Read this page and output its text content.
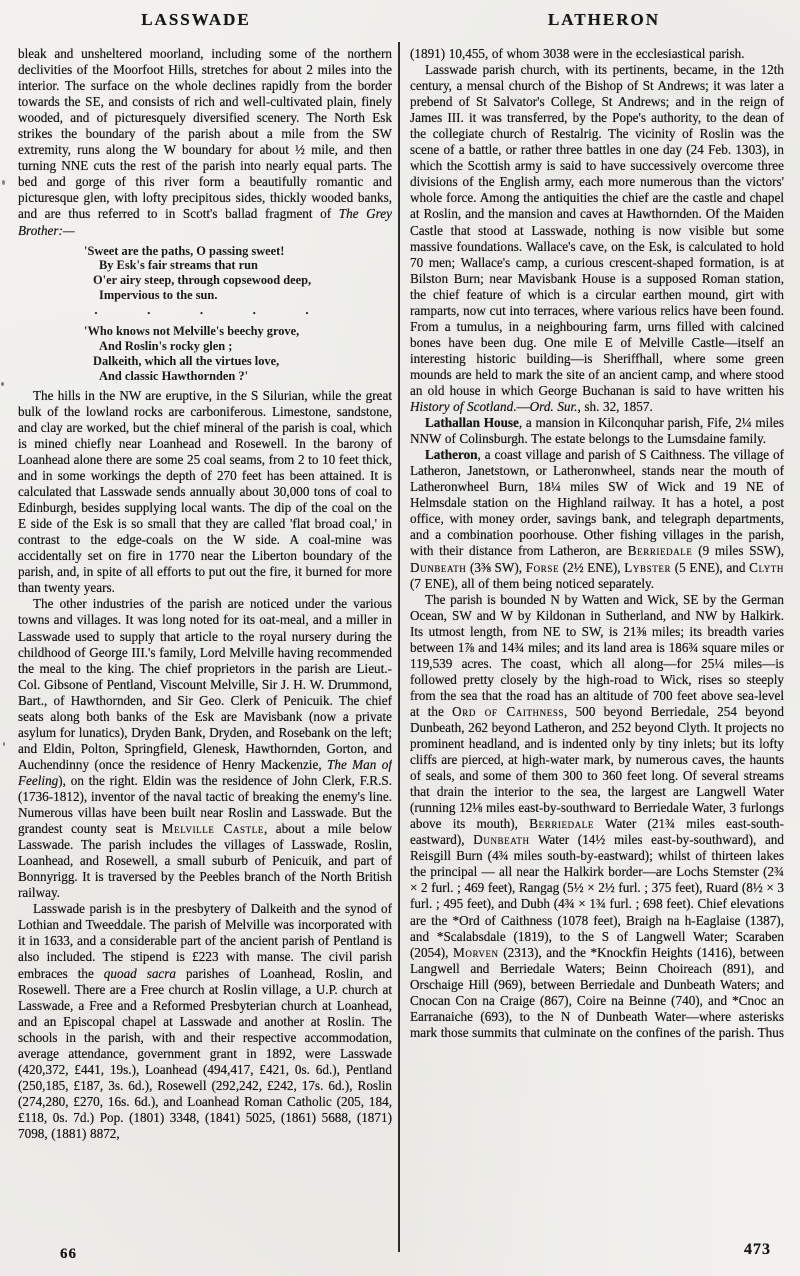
LASSWADE	LATHERON

bleak and unsheltered moorland, including some of the northern declivities of the Moorfoot Hills, stretches for about 2 miles into the interior. The surface on the whole declines rapidly from the border towards the SE, and consists of rich and well-cultivated plain, finely wooded, and of picturesquely diversified scenery. The North Esk strikes the boundary of the parish about a mile from the SW extremity, runs along the W boundary for about ½ mile, and then turning NNE cuts the rest of the parish into nearly equal parts. The bed and gorge of this river form a beautifully romantic and picturesque glen, with lofty precipitous sides, thickly wooded banks, and are thus referred to in Scott's ballad fragment of The Grey Brother:—

'Sweet are the paths, O passing sweet!
By Esk's fair streams that run
O'er airy steep, through copsewood deep,
Impervious to the sun.
·	·	·	·	·
'Who knows not Melville's beechy grove,
And Roslin's rocky glen ;
Dalkeith, which all the virtues love,
And classic Hawthornden ?'

The hills in the NW are eruptive, in the S Silurian, while the great bulk of the lowland rocks are carboniferous. Limestone, sandstone, and clay are worked, but the chief mineral of the parish is coal, which is mined chiefly near Loanhead and Rosewell. In the barony of Loanhead alone there are some 25 coal seams, from 2 to 10 feet thick, and in some workings the depth of 270 feet has been attained. It is calculated that Lasswade sends annually about 30,000 tons of coal to Edinburgh, besides supplying local wants. The dip of the coal on the E side of the Esk is so small that they are called 'flat broad coal,' in contrast to the edge-coals on the W side. A coal-mine was accidentally set on fire in 1770 near the Liberton boundary of the parish, and, in spite of all efforts to put out the fire, it burned for more than twenty years.

The other industries of the parish are noticed under the various towns and villages. It was long noted for its oat-meal, and a miller in Lasswade used to supply that article to the royal nursery during the childhood of George III.'s family, Lord Melville having recommended the meal to the king. The chief proprietors in the parish are Lieut.-Col. Gibsone of Pentland, Viscount Melville, Sir J. H. W. Drummond, Bart., of Hawthornden, and Sir Geo. Clerk of Penicuik. The chief seats along both banks of the Esk are Mavisbank (now a private asylum for lunatics), Dryden Bank, Dryden, and Rosebank on the left; and Eldin, Polton, Springfield, Glenesk, Hawthornden, Gorton, and Auchendinny (once the residence of Henry Mackenzie, The Man of Feeling), on the right. Eldin was the residence of John Clerk, F.R.S. (1736-1812), inventor of the naval tactic of breaking the enemy's line. Numerous villas have been built near Roslin and Lasswade. But the grandest county seat is Melville Castle, about a mile below Lasswade. The parish includes the villages of Lasswade, Roslin, Loanhead, and Rosewell, a small suburb of Penicuik, and part of Bonnyrigg. It is traversed by the Peebles branch of the North British railway.

Lasswade parish is in the presbytery of Dalkeith and the synod of Lothian and Tweeddale. The parish of Melville was incorporated with it in 1633, and a considerable part of the ancient parish of Pentland is also included. The stipend is £223 with manse. The civil parish embraces the quoad sacra parishes of Loanhead, Roslin, and Rosewell. There are a Free church at Roslin village, a U.P. church at Lasswade, a Free and a Reformed Presbyterian church at Loanhead, and an Episcopal chapel at Lasswade and another at Roslin. The schools in the parish, with and their respective accommodation, average attendance, government grant in 1892, were Lasswade (420,372, £441, 19s.), Loanhead (494,417, £421, 0s. 6d.), Pentland (250,185, £187, 3s. 6d.), Rosewell (292,242, £242, 17s. 6d.), Roslin (274,280, £270, 16s. 6d.), and Loanhead Roman Catholic (205, 184, £118, 0s. 7d.) Pop. (1801) 3348, (1841) 5025, (1861) 5688, (1871) 7098, (1881) 8872,

(1891) 10,455, of whom 3038 were in the ecclesiastical parish.

Lasswade parish church, with its pertinents, became, in the 12th century, a mensal church of the Bishop of St Andrews; it was later a prebend of St Salvator's College, St Andrews; and in the reign of James III. it was transferred, by the Pope's authority, to the dean of the collegiate church of Restalrig. The vicinity of Roslin was the scene of a battle, or rather three battles in one day (24 Feb. 1303), in which the Scottish army is said to have successively overcome three divisions of the English army, each more numerous than the victors' whole force. Among the antiquities the chief are the castle and chapel at Roslin, and the mansion and caves at Hawthornden. Of the Maiden Castle that stood at Lasswade, nothing is now visible but some massive foundations. Wallace's cave, on the Esk, is calculated to hold 70 men; Wallace's camp, a curious crescent-shaped formation, is at Bilston Burn; near Mavisbank House is a supposed Roman station, the chief feature of which is a circular earthen mound, girt with ramparts, now cut into terraces, where various relics have been found. From a tumulus, in a neighbouring farm, urns filled with calcined bones have been dug. One mile E of Melville Castle—itself an interesting historic building—is Sheriffhall, where some green mounds are held to mark the site of an ancient camp, and where stood an old house in which George Buchanan is said to have written his History of Scotland.—Ord. Sur., sh. 32, 1857.

Lathallan House, a mansion in Kilconquhar parish, Fife, 2¼ miles NNW of Colinsburgh. The estate belongs to the Lumsdaine family.

Latheron, a coast village and parish of S Caithness. The village of Latheron, Janetstown, or Latheronwheel, stands near the mouth of Latheronwheel Burn, 18¼ miles SW of Wick and 19 NE of Helmsdale station on the Highland railway. It has a hotel, a post office, with money order, savings bank, and telegraph departments, and a combination poorhouse. Other fishing villages in the parish, with their distance from Latheron, are Berriedale (9 miles SSW), Dunbeath (3⅜ SW), Forse (2½ ENE), Lybster (5 ENE), and Clyth (7 ENE), all of them being noticed separately.

The parish is bounded N by Watten and Wick, SE by the German Ocean, SW and W by Kildonan in Sutherland, and NW by Halkirk. Its utmost length, from NE to SW, is 21⅜ miles; its breadth varies between 1⅞ and 14¾ miles; and its land area is 186¾ square miles or 119,539 acres. The coast, which all along—for 25¼ miles—is followed pretty closely by the high-road to Wick, rises so steeply from the sea that the road has an altitude of 700 feet above sea-level at the Ord of Caithness, 500 beyond Berriedale, 254 beyond Dunbeath, 262 beyond Latheron, and 252 beyond Clyth. It projects no prominent headland, and is indented only by tiny inlets; but its lofty cliffs are pierced, at high-water mark, by numerous caves, the haunts of seals, and some of them 300 to 360 feet long. Of several streams that drain the interior to the sea, the largest are Langwell Water (running 12⅛ miles east-by-southward to Berriedale Water, 3 furlongs above its mouth), Berriedale Water (21¾ miles east-south-eastward), Dunbeath Water (14½ miles east-by-southward), and Reisgill Burn (4¾ miles south-by-eastward); whilst of thirteen lakes the principal — all near the Halkirk border—are Lochs Stemster (2¾ × 2 furl. ; 469 feet), Rangag (5½ × 2½ furl. ; 375 feet), Ruard (8½ × 3 furl. ; 495 feet), and Dubh (4¾ × 1¾ furl. ; 698 feet). Chief elevations are the *Ord of Caithness (1078 feet), Braigh na h-Eaglaise (1387), and *Scalabsdale (1819), to the S of Langwell Water; Scaraben (2054), Morven (2313), and the *Knockfin Heights (1416), between Langwell and Berriedale Waters; Beinn Choireach (891), and Orschaige Hill (969), between Berriedale and Dunbeath Waters; and Cnocan Con na Craige (867), Coire na Beinne (740), and *Cnoc an Earranaiche (693), to the N of Dunbeath Water—where asterisks mark those summits that culminate on the confines of the parish. Thus

66	473
